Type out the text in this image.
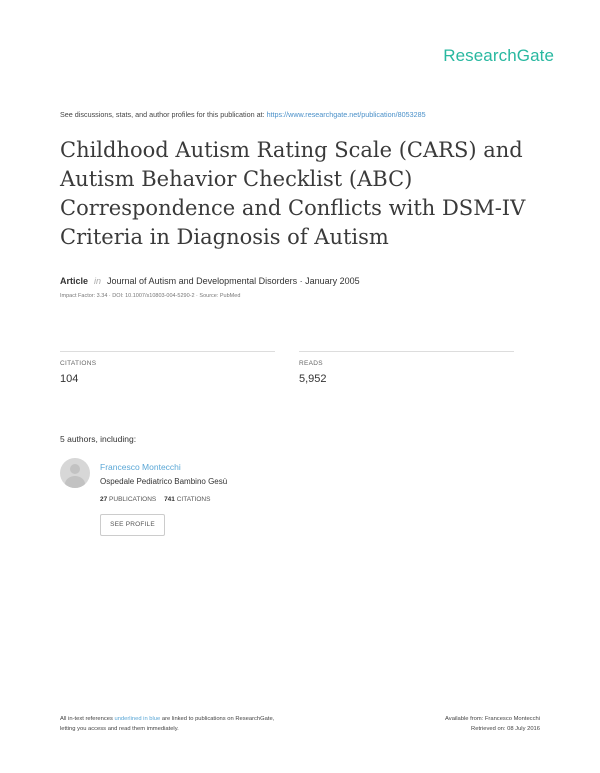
ResearchGate
See discussions, stats, and author profiles for this publication at: https://www.researchgate.net/publication/8053285
Childhood Autism Rating Scale (CARS) and
Autism Behavior Checklist (ABC)
Correspondence and Conflicts with DSM-IV
Criteria in Diagnosis of Autism
Article in Journal of Autism and Developmental Disorders · January 2005
Impact Factor: 3.34 · DOI: 10.1007/s10803-004-5290-2 · Source: PubMed
CITATIONS	READS
104	5,952
5 authors, including:
Francesco Montecchi
Ospedale Pediatrico Bambino Gesù
27 PUBLICATIONS 741 CITATIONS
SEE PROFILE
All in-text references underlined in blue are linked to publications on ResearchGate,
letting you access and read them immediately.
Available from: Francesco Montecchi
Retrieved on: 08 July 2016
